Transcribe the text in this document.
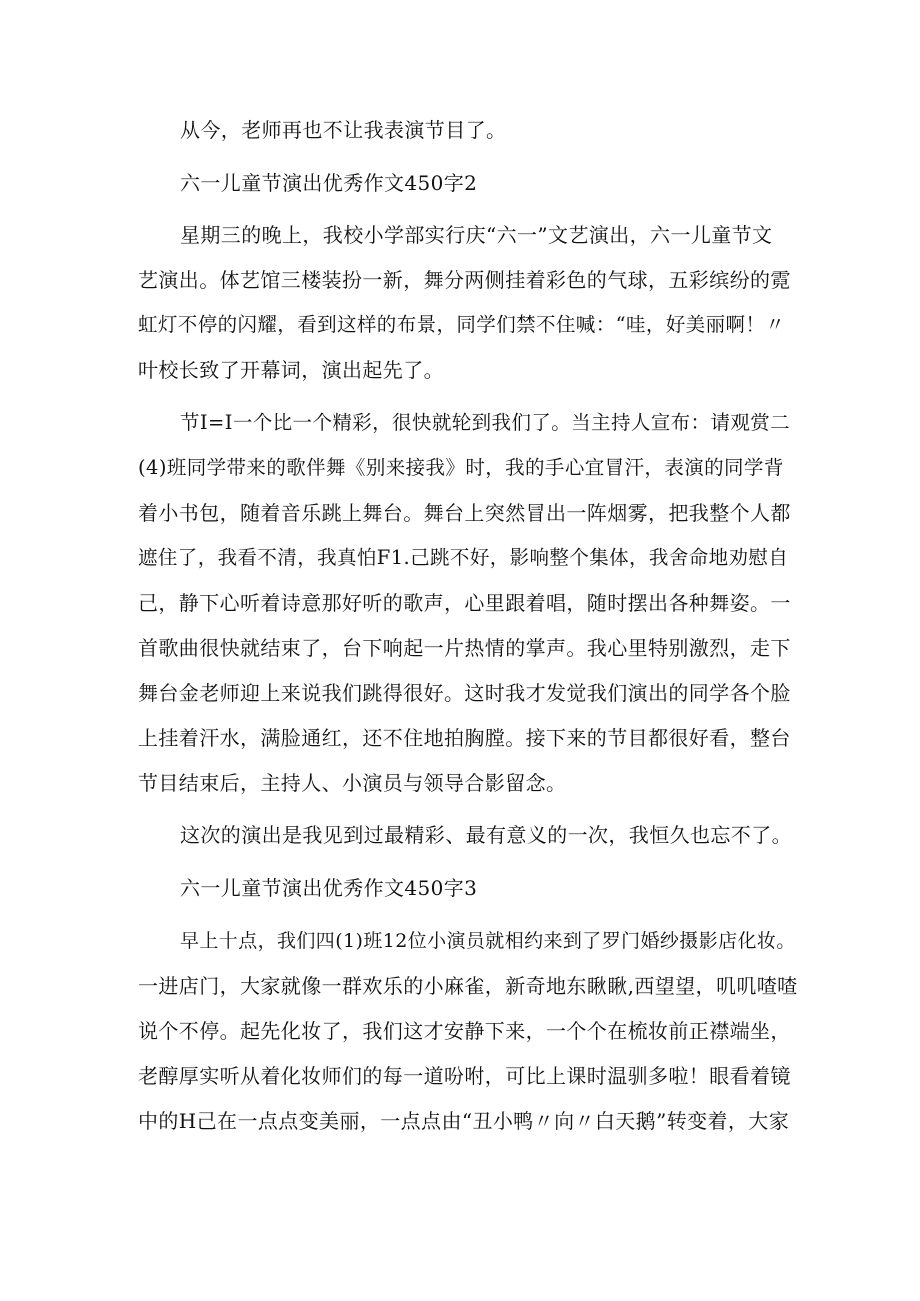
从今，老师再也不让我表演节目了。
六一儿童节演出优秀作文450字2
星期三的晚上，我校小学部实行庆“六一”文艺演出，六一儿童节文
艺演出。体艺馆三楼装扮一新，舞分两侧挂着彩色的气球，五彩缤纷的霓
虹灯不停的闪耀，看到这样的布景，同学们禁不住喊：“哇，好美丽啊！〃
叶校长致了开幕词，演出起先了。
节I=I一个比一个精彩，很快就轮到我们了。当主持人宣布：请观赏二
(4)班同学带来的歌伴舞《别来接我》时，我的手心宜冒汗，表演的同学背
着小书包，随着音乐跳上舞台。舞台上突然冒出一阵烟雾，把我整个人都
遮住了，我看不清，我真怕F1.己跳不好，影响整个集体，我舍命地劝慰自
己，静下心听着诗意那好听的歌声，心里跟着唱，随时摆出各种舞姿。一
首歌曲很快就结束了，台下响起一片热情的掌声。我心里特别激烈，走下
舞台金老师迎上来说我们跳得很好。这时我才发觉我们演出的同学各个脸
上挂着汗水，满脸通红，还不住地拍胸膛。接下来的节目都很好看，整台
节目结束后，主持人、小演员与领导合影留念。
这次的演出是我见到过最精彩、最有意义的一次，我恒久也忘不了。
六一儿童节演出优秀作文450字3
早上十点，我们四(1)班12位小演员就相约来到了罗门婚纱摄影店化妆。
一进店门，大家就像一群欢乐的小麻雀，新奇地东瞅瞅,西望望，叽叽喳喳
说个不停。起先化妆了，我们这才安静下来，一个个在梳妆前正襟端坐，
老醇厚实听从着化妆师们的每一道吩咐，可比上课时温驯多啦！眼看着镜
中的H己在一点点变美丽，一点点由“丑小鸭〃向〃白天鹅”转变着，大家
